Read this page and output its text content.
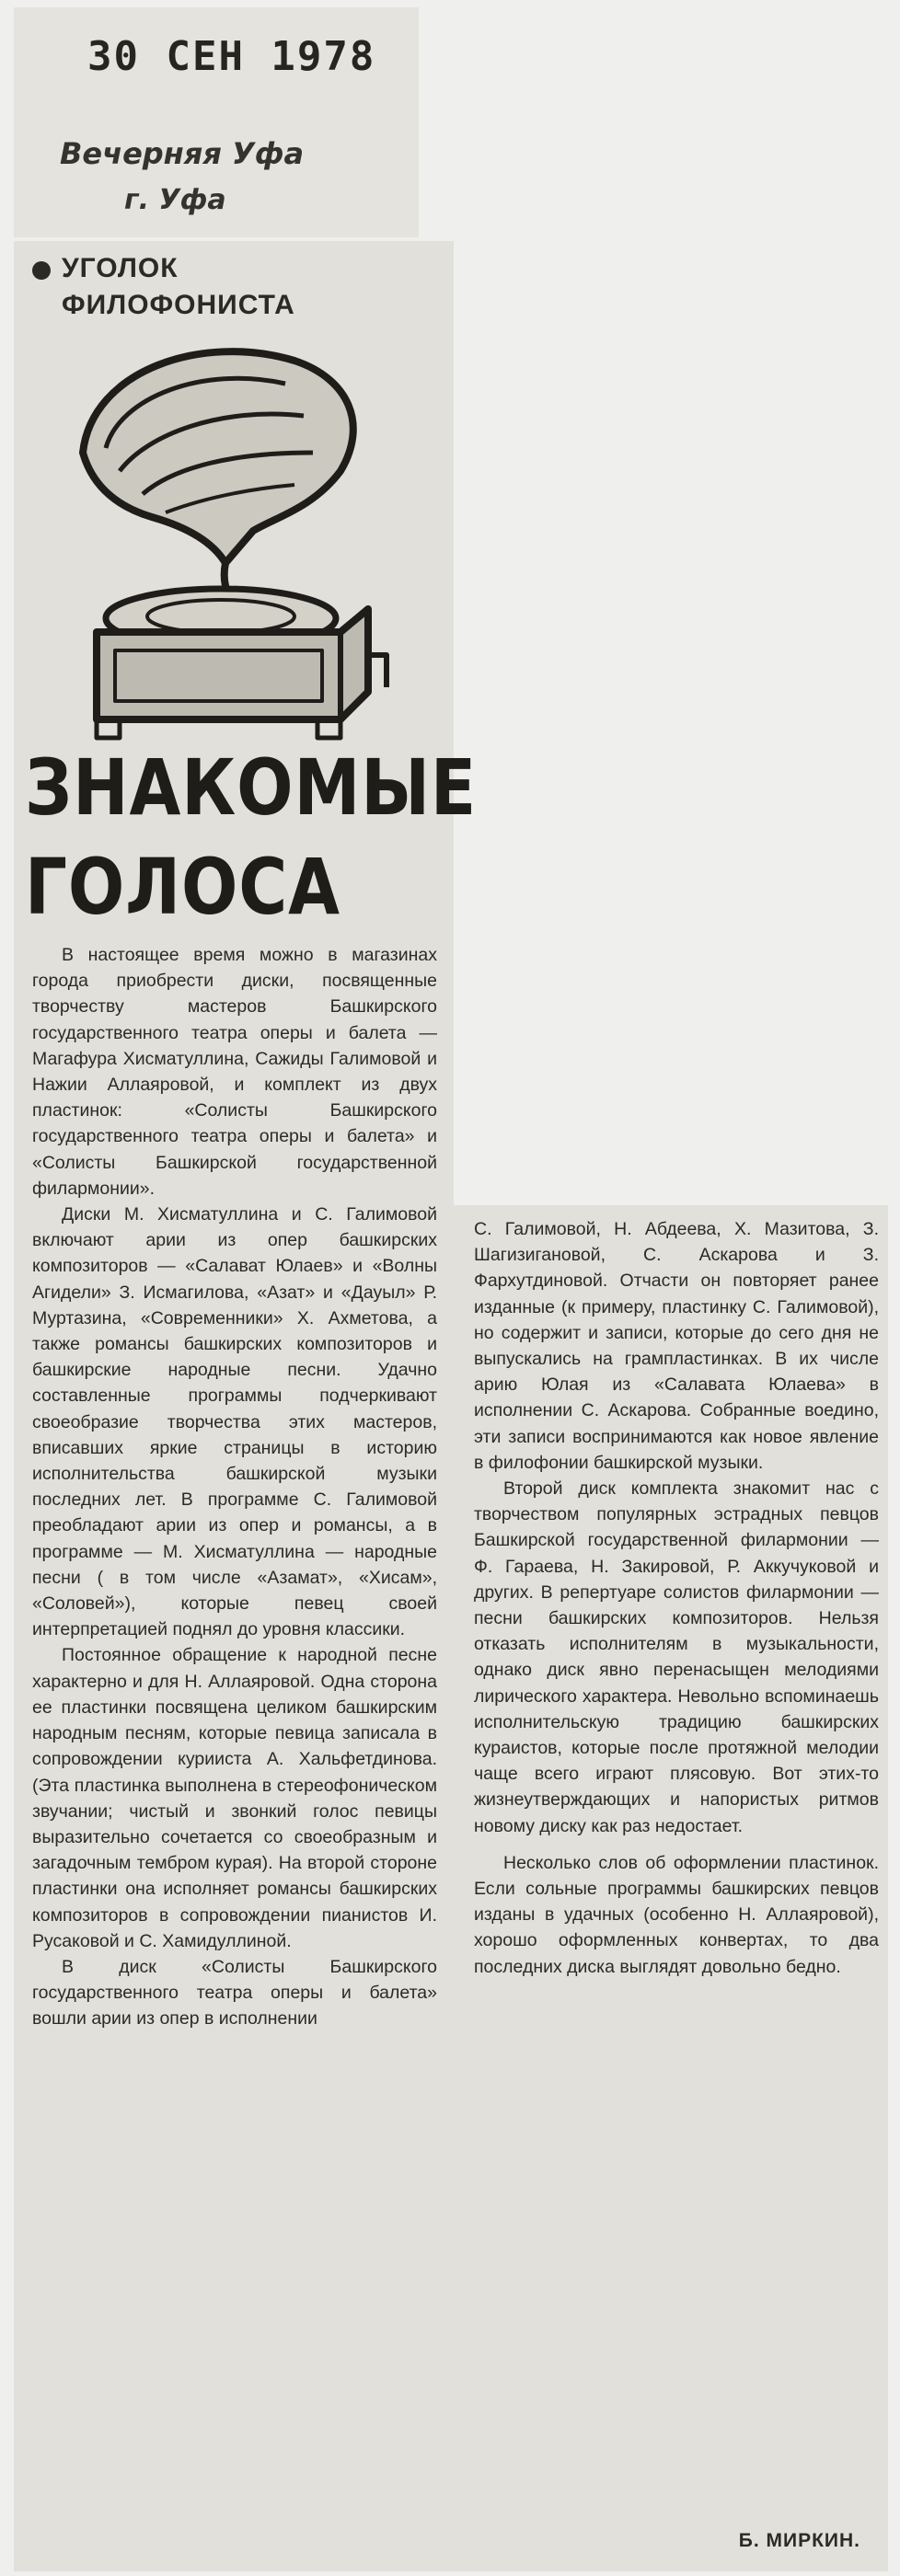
30 СЕН 1978
Вечерняя Уфа
г. Уфа
УГОЛОК
ФИЛОФОНИСТА
ЗНАКОМЫЕ
ГОЛОСА

В настоящее время можно в магазинах города приобрести диски, посвященные творчеству мастеров Башкирского государственного театра оперы и балета — Магафура Хисматуллина, Сажиды Галимовой и Нажии Аллаяровой, и комплект из двух пластинок: «Солисты Башкирского государственного театра оперы и балета» и «Солисты Башкирской государственной филармонии».

Диски М. Хисматуллина и С. Галимовой включают арии из опер башкирских композиторов — «Салават Юлаев» и «Волны Агидели» З. Исмагилова, «Азат» и «Дауыл» Р. Муртазина, «Современники» Х. Ахметова, а также романсы башкирских композиторов и башкирские народные песни. Удачно составленные программы подчеркивают своеобразие творчества этих мастеров, вписавших яркие страницы в историю исполнительства башкирской музыки последних лет. В программе С. Галимовой преобладают арии из опер и романсы, а в программе — М. Хисматуллина — народные песни ( в том числе «Азамат», «Хисам», «Соловей»), которые певец своей интерпретацией поднял до уровня классики.

Постоянное обращение к народной песне характерно и для Н. Аллаяровой. Одна сторона ее пластинки посвящена целиком башкирским народным песням, которые певица записала в сопровождении курииста А. Хальфетдинова. (Эта пластинка выполнена в стереофоническом звучании; чистый и звонкий голос певицы выразительно сочетается со своеобразным и загадочным тембром курая). На второй стороне пластинки она исполняет романсы башкирских композиторов в сопровождении пианистов И. Русаковой и С. Хамидуллиной.

В диск «Солисты Башкирского государственного театра оперы и балета» вошли арии из опер в исполнении

С. Галимовой, Н. Абдеева, Х. Мазитова, З. Шагизигановой, С. Аскарова и З. Фархутдиновой. Отчасти он повторяет ранее изданные (к примеру, пластинку С. Галимовой), но содержит и записи, которые до сего дня не выпускались на грампластинках. В их числе арию Юлая из «Салавата Юлаева» в исполнении С. Аскарова. Собранные воедино, эти записи воспринимаются как новое явление в филофонии башкирской музыки.

Второй диск комплекта знакомит нас с творчеством популярных эстрадных певцов Башкирской государственной филармонии — Ф. Гараева, Н. Закировой, Р. Аккучуковой и других. В репертуаре солистов филармонии — песни башкирских композиторов. Нельзя отказать исполнителям в музыкальности, однако диск явно перенасыщен мелодиями лирического характера. Невольно вспоминаешь исполнительскую традицию башкирских кураистов, которые после протяжной мелодии чаще всего играют плясовую. Вот этих-то жизнеутверждающих и напористых ритмов новому диску как раз недостает.

Несколько слов об оформлении пластинок. Если сольные программы башкирских певцов изданы в удачных (особенно Н. Аллаяровой), хорошо оформленных конвертах, то два последних диска выглядят довольно бедно.

Б. МИРКИН.
